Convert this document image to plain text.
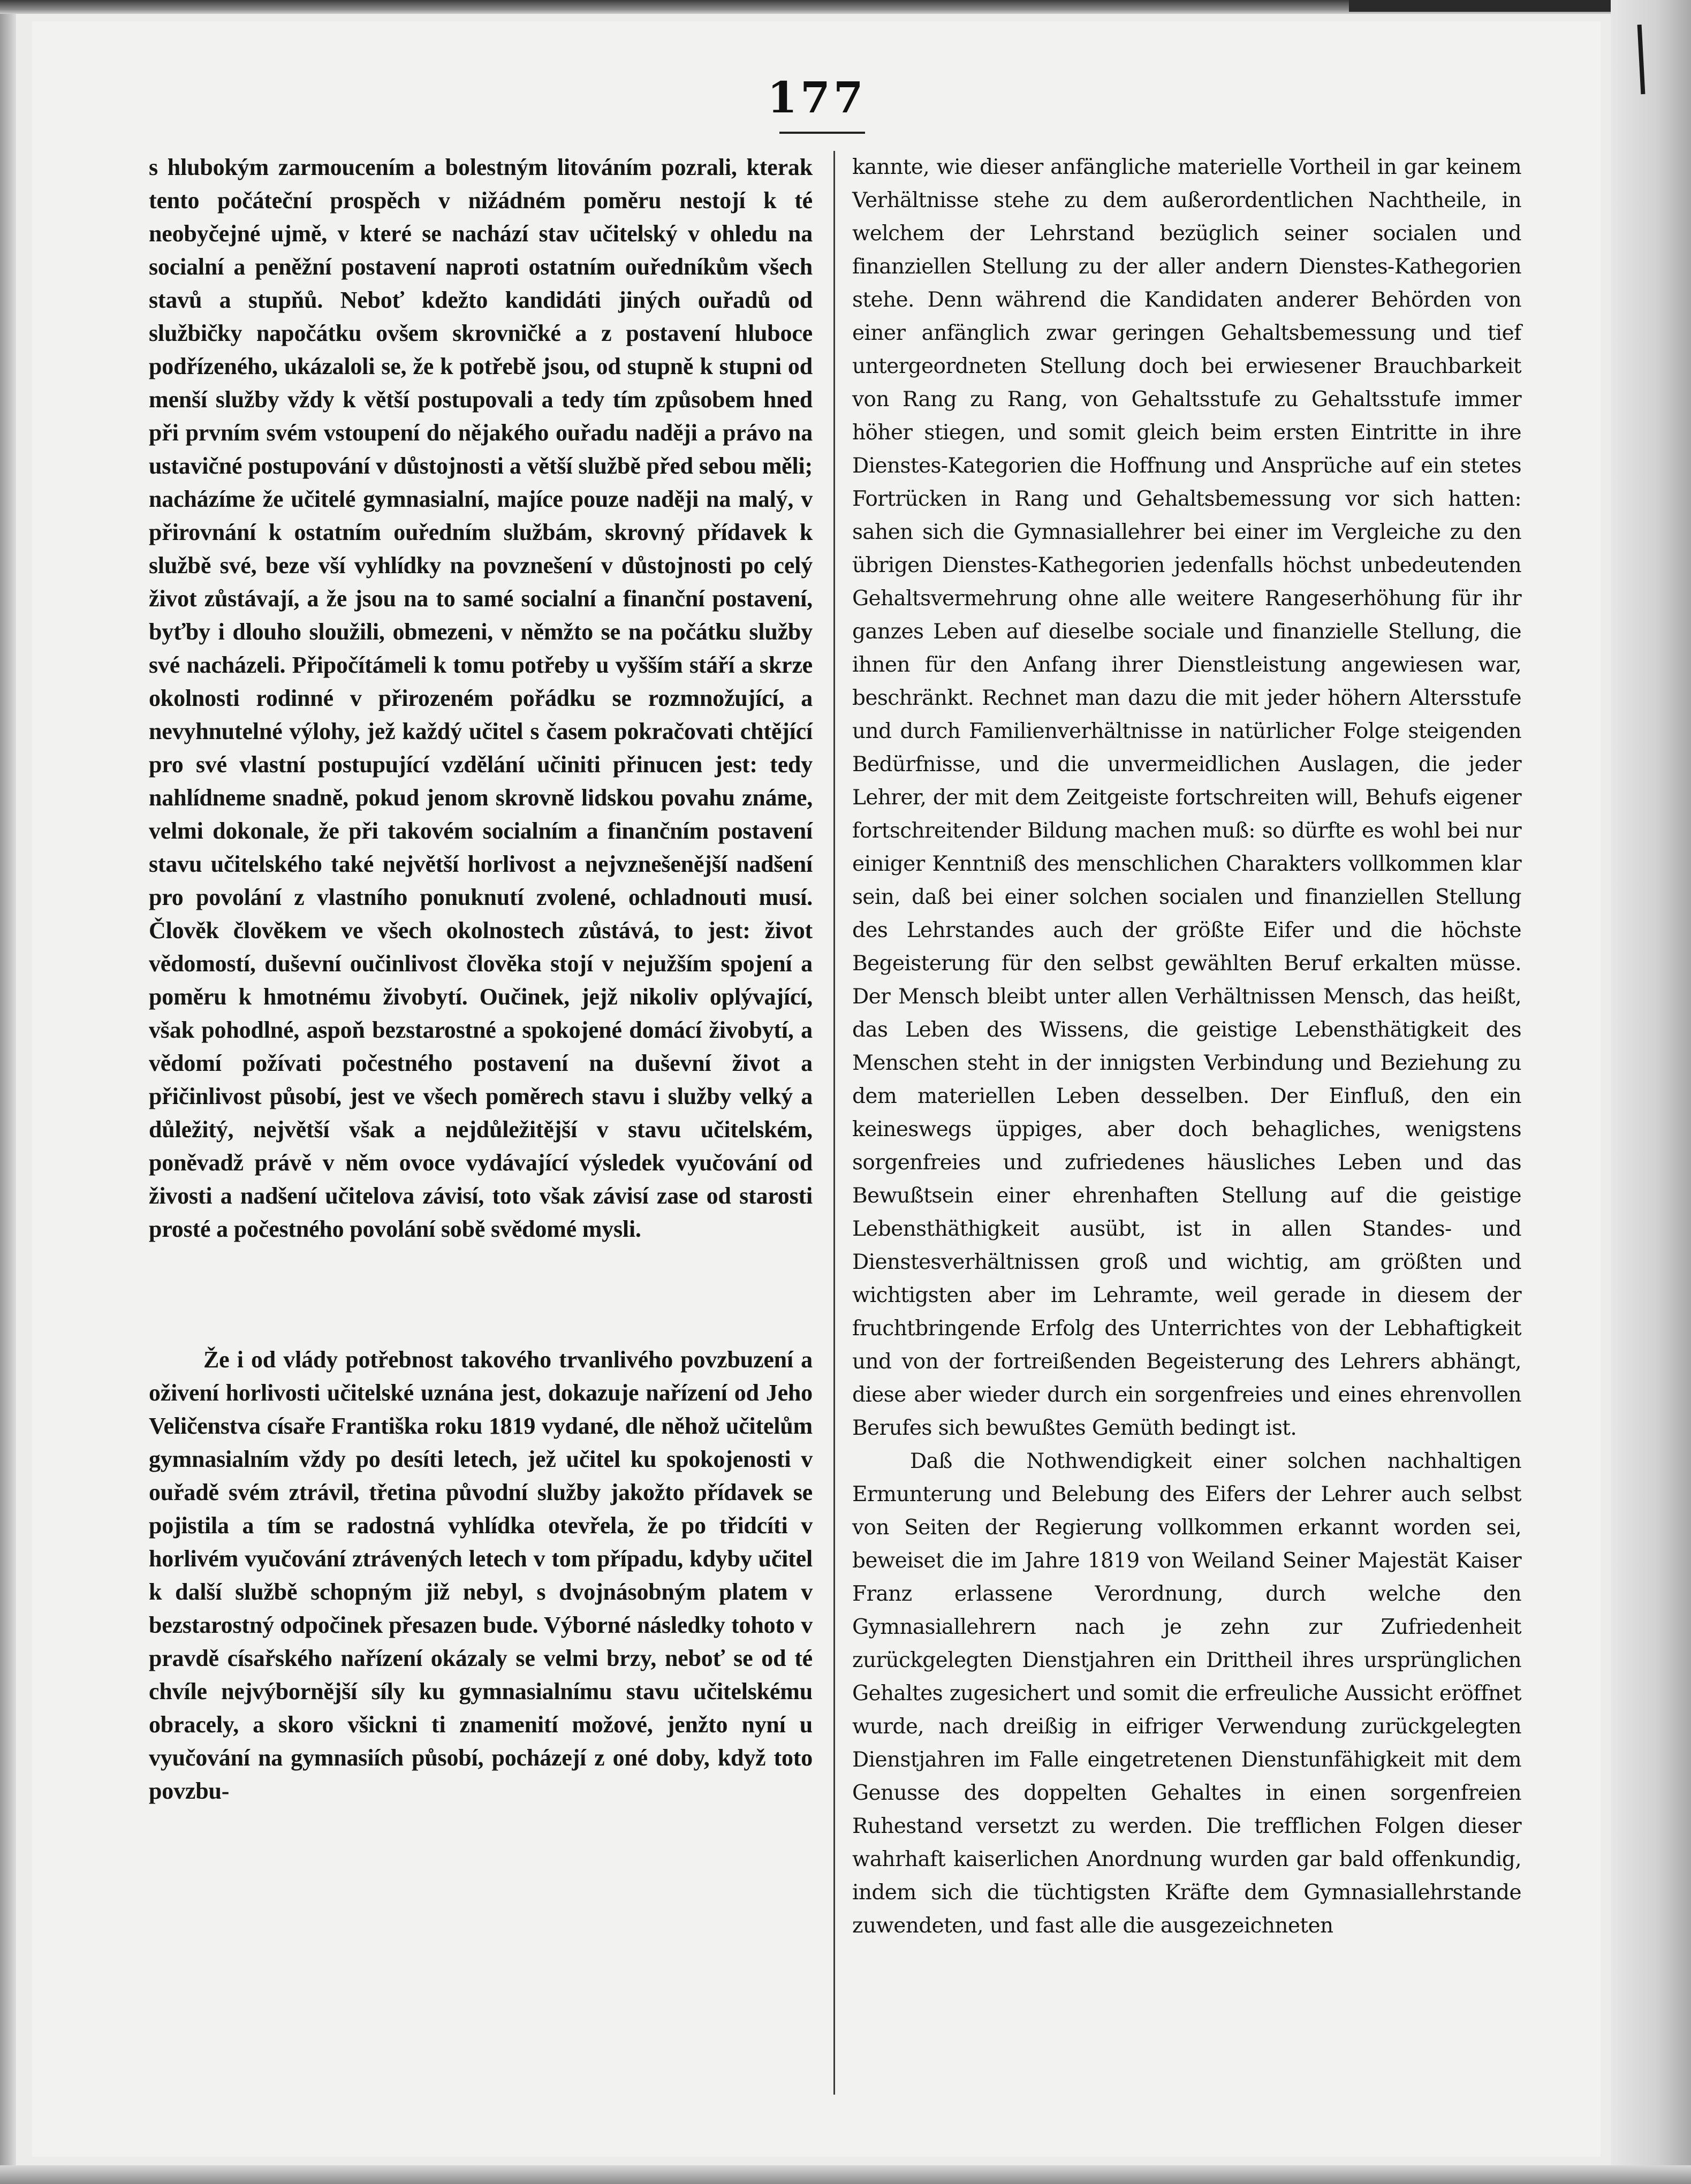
177

s hlubokým zarmoucením a bolestným litováním pozrali, kterak tento počáteční prospěch v nižádném poměru nestojí k té neobyčejné ujmě, v které se nachází stav učitelský v ohledu na socialní a peněžní postavení naproti ostatním ouředníkům všech stavů a stupňů. Neboť kdežto kandidáti jiných ouřadů od službičky napočátku ovšem skrovničké a z postavení hluboce podřízeného, ukázaloli se, že k potřebě jsou, od stupně k stupni od menší služby vždy k větší postupovali a tedy tím způsobem hned při prvním svém vstoupení do nějakého ouřadu naději a právo na ustavičné postupování v důstojnosti a větší službě před sebou měli; nacházíme že učitelé gymnasialní, majíce pouze naději na malý, v přirovnání k ostatním ouředním službám, skrovný přídavek k službě své, beze vší vyhlídky na povznešení v důstojnosti po celý život zůstávají, a že jsou na to samé socialní a finanční postavení, byťby i dlouho sloužili, obmezeni, v němžto se na počátku služby své nacházeli. Připočítámeli k tomu potřeby u vyšším stáří a skrze okolnosti rodinné v přirozeném pořádku se rozmnožující, a nevyhnutelné výlohy, jež každý učitel s časem pokračovati chtějící pro své vlastní postupující vzdělání učiniti přinucen jest: tedy nahlídneme snadně, pokud jenom skrovně lidskou povahu známe, velmi dokonale, že při takovém socialním a finančním postavení stavu učitelského také největší horlivost a nejvznešenější nadšení pro povolání z vlastního ponuknutí zvolené, ochladnouti musí. Člověk člověkem ve všech okolnostech zůstává, to jest: život vědomostí, duševní oučinlivost člověka stojí v nejužším spojení a poměru k hmotnému živobytí. Oučinek, jejž nikoliv oplývající, však pohodlné, aspoň bezstarostné a spokojené domácí živobytí, a vědomí požívati počestného postavení na duševní život a přičinlivost působí, jest ve všech poměrech stavu i služby velký a důležitý, největší však a nejdůležitější v stavu učitelském, poněvadž právě v něm ovoce vydávající výsledek vyučování od živosti a nadšení učitelova závisí, toto však závisí zase od starosti prosté a počestného povolání sobě svědomé mysli.

Že i od vlády potřebnost takového trvanlivého povzbuzení a oživení horlivosti učitelské uznána jest, dokazuje nařízení od Jeho Veličenstva císaře Františka roku 1819 vydané, dle něhož učitelům gymnasialním vždy po desíti letech, jež učitel ku spokojenosti v ouřadě svém ztrávil, třetina původní služby jakožto přídavek se pojistila a tím se radostná vyhlídka otevřela, že po třidcíti v horlivém vyučování ztrávených letech v tom případu, kdyby učitel k další službě schopným již nebyl, s dvojnásobným platem v bezstarostný odpočinek přesazen bude. Výborné následky tohoto v pravdě císařského nařízení okázaly se velmi brzy, neboť se od té chvíle nejvýbornější síly ku gymnasialnímu stavu učitelskému obracely, a skoro všickni ti znamenití možové, jenžto nyní u vyučování na gymnasiích působí, pocházejí z oné doby, když toto povzbu-

kannte, wie dieser anfängliche materielle Vortheil in gar keinem Verhältnisse stehe zu dem außerordentlichen Nachtheile, in welchem der Lehrstand bezüglich seiner socialen und finanziellen Stellung zu der aller andern Dienstes-Kathegorien stehe. Denn während die Kandidaten anderer Behörden von einer anfänglich zwar geringen Gehaltsbemessung und tief untergeordneten Stellung doch bei erwiesener Brauchbarkeit von Rang zu Rang, von Gehaltsstufe zu Gehaltsstufe immer höher stiegen, und somit gleich beim ersten Eintritte in ihre Dienstes-Kategorien die Hoffnung und Ansprüche auf ein stetes Fortrücken in Rang und Gehaltsbemessung vor sich hatten: sahen sich die Gymnasiallehrer bei einer im Vergleiche zu den übrigen Dienstes-Kathegorien jedenfalls höchst unbedeutenden Gehaltsvermehrung ohne alle weitere Rangeserhöhung für ihr ganzes Leben auf dieselbe sociale und finanzielle Stellung, die ihnen für den Anfang ihrer Dienstleistung angewiesen war, beschränkt. Rechnet man dazu die mit jeder höhern Altersstufe und durch Familienverhältnisse in natürlicher Folge steigenden Bedürfnisse, und die unvermeidlichen Auslagen, die jeder Lehrer, der mit dem Zeitgeiste fortschreiten will, Behufs eigener fortschreitender Bildung machen muß: so dürfte es wohl bei nur einiger Kenntniß des menschlichen Charakters vollkommen klar sein, daß bei einer solchen socialen und finanziellen Stellung des Lehrstandes auch der größte Eifer und die höchste Begeisterung für den selbst gewählten Beruf erkalten müsse. Der Mensch bleibt unter allen Verhältnissen Mensch, das heißt, das Leben des Wissens, die geistige Lebensthätigkeit des Menschen steht in der innigsten Verbindung und Beziehung zu dem materiellen Leben desselben. Der Einfluß, den ein keineswegs üppiges, aber doch behagliches, wenigstens sorgenfreies und zufriedenes häusliches Leben und das Bewußtsein einer ehrenhaften Stellung auf die geistige Lebensthäthigkeit ausübt, ist in allen Standes- und Dienstesverhältnissen groß und wichtig, am größten und wichtigsten aber im Lehramte, weil gerade in diesem der fruchtbringende Erfolg des Unterrichtes von der Lebhaftigkeit und von der fortreißenden Begeisterung des Lehrers abhängt, diese aber wieder durch ein sorgenfreies und eines ehrenvollen Berufes sich bewußtes Gemüth bedingt ist.

Daß die Nothwendigkeit einer solchen nachhaltigen Ermunterung und Belebung des Eifers der Lehrer auch selbst von Seiten der Regierung vollkommen erkannt worden sei, beweiset die im Jahre 1819 von Weiland Seiner Majestät Kaiser Franz erlassene Verordnung, durch welche den Gymnasiallehrern nach je zehn zur Zufriedenheit zurückgelegten Dienstjahren ein Drittheil ihres ursprünglichen Gehaltes zugesichert und somit die erfreuliche Aussicht eröffnet wurde, nach dreißig in eifriger Verwendung zurückgelegten Dienstjahren im Falle eingetretenen Dienstunfähigkeit mit dem Genusse des doppelten Gehaltes in einen sorgenfreien Ruhestand versetzt zu werden. Die trefflichen Folgen dieser wahrhaft kaiserlichen Anordnung wurden gar bald offenkundig, indem sich die tüchtigsten Kräfte dem Gymnasiallehrstande zuwendeten, und fast alle die ausgezeichneten
